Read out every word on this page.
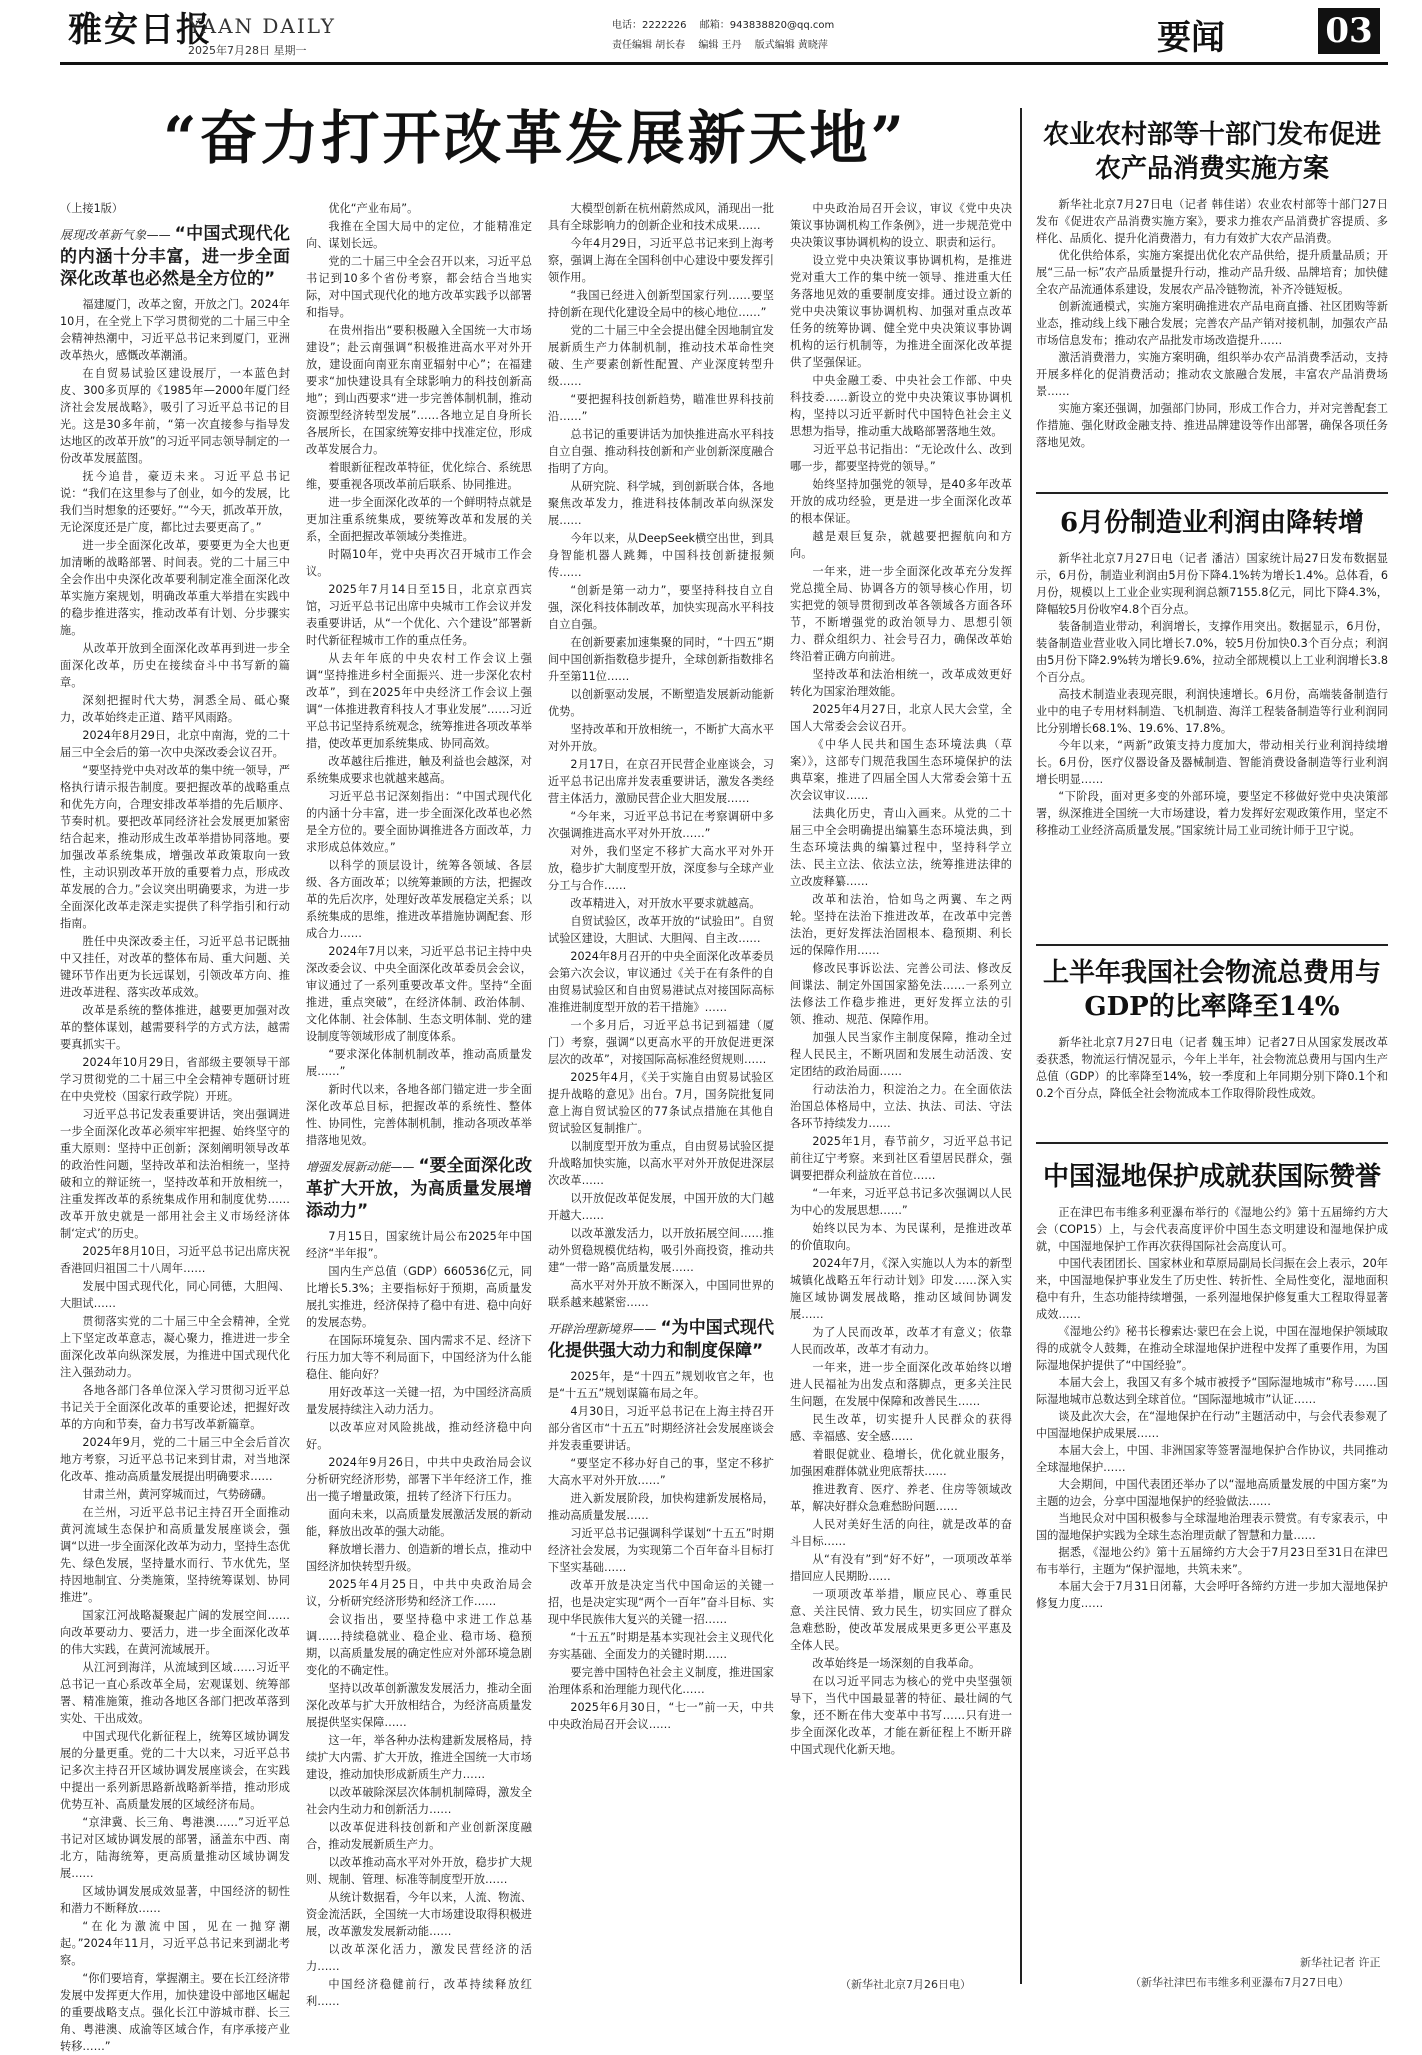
雅安日报
YAAN DAILY
2025年7月28日 星期一
电话：2222226 邮箱：943838820@qq.com
责任编辑 胡长春 编辑 王丹 版式编辑 黄晓萍	要闻	03
“奋力打开改革发展新天地”

（上接1版）

展现改革新气象—— “中国式现代化的内涵十分丰富，进一步全面深化改革也必然是全方位的”

福建厦门，改革之窗，开放之门。2024年10月，在全党上下学习贯彻党的二十届三中全会精神热潮中，习近平总书记来到厦门，亚洲改革热火，感慨改革潮涌。

在自贸易试验区建设展厅，一本蓝色封皮、300多页厚的《1985年—2000年厦门经济社会发展战略》，吸引了习近平总书记的目光。这是30多年前，“第一次直接参与指导发达地区的改革开放”的习近平同志领导制定的一份改革发展蓝图。

抚今追昔，豪迈未来。习近平总书记说：“我们在这里参与了创业，如今的发展，比我们当时想象的还要好。”“今天，抓改革开放，无论深度还是广度，都比过去要更高了。”

进一步全面深化改革，要要更为全大也更加清晰的战略部署、时间表。党的二十届三中全会作出中央深化改革要利制定准全面深化改革实施方案规划，明确改革重大举措在实践中的稳步推进落实，推动改革有计划、分步骤实施。

从改革开放到全面深化改革再到进一步全面深化改革，历史在接续奋斗中书写新的篇章。

深刻把握时代大势，洞悉全局、砥心聚力，改革始终走正道、踏平风雨路。

2024年8月29日，北京中南海，党的二十届三中全会后的第一次中央深改委会议召开。

“要坚持党中央对改革的集中统一领导，严格执行请示报告制度。要把握改革的战略重点和优先方向，合理安排改革举措的先后顺序、节奏时机。要把改革同经济社会发展更加紧密结合起来，推动形成生改革举措协同落地。要加强改革系统集成，增强改革政策取向一致性，主动识别改革开放的重要着力点，形成改革发展的合力。”会议突出明确要求，为进一步全面深化改革走深走实提供了科学指引和行动指南。

胜任中央深改委主任，习近平总书记既抽中又挂任，对改革的整体布局、重大问题、关键环节作出更为长远谋划，引领改革方向、推进改革进程、落实改革成效。

改革是系统的整体推进，越要更加强对改革的整体谋划，越需要科学的方式方法，越需要真抓实干。

2024年10月29日，省部级主要领导干部学习贯彻党的二十届三中全会精神专题研讨班在中央党校（国家行政学院）开班。

习近平总书记发表重要讲话，突出强调进一步全面深化改革必须牢牢把握、始终坚守的重大原则：坚持中正创新；深刻阐明领导改革的政治性问题，坚持改革和法治相统一，坚持破和立的辩证统一，坚持改革和开放相统一，注重发挥改革的系统集成作用和制度优势……改革开放史就是一部用社会主义市场经济体制‘定式’的历史。

2025年8月10日，习近平总书记出席庆祝香港回归祖国二十八周年……

发展中国式现代化，同心同德，大胆闯、大胆试……

贯彻落实党的二十届三中全会精神，全党上下坚定改革意志，凝心聚力，推进进一步全面深化改革向纵深发展，为推进中国式现代化注入强劲动力。

各地各部门各单位深入学习贯彻习近平总书记关于全面深化改革的重要论述，把握好改革的方向和节奏，奋力书写改革新篇章。

2024年9月，党的二十届三中全会后首次地方考察，习近平总书记来到甘肃，对当地深化改革、推动高质量发展提出明确要求……

甘肃兰州，黄河穿城而过，气势磅礴。

在兰州，习近平总书记主持召开全面推动黄河流域生态保护和高质量发展座谈会，强调“以进一步全面深化改革为动力，坚持生态优先、绿色发展，坚持量水而行、节水优先，坚持因地制宜、分类施策，坚持统筹谋划、协同推进”。

国家江河战略凝聚起广阔的发展空间……向改革要动力、要活力，进一步全面深化改革的伟大实践，在黄河流域展开。

从江河到海洋，从流域到区域……习近平总书记一直心系改革全局，宏观谋划、统筹部署、精准施策，推动各地区各部门把改革落到实处、干出成效。

中国式现代化新征程上，统筹区域协调发展的分量更重。党的二十大以来，习近平总书记多次主持召开区域协调发展座谈会，在实践中提出一系列新思路新战略新举措，推动形成优势互补、高质量发展的区域经济布局。

“京津冀、长三角、粤港澳……”习近平总书记对区域协调发展的部署，涵盖东中西、南北方，陆海统筹，更高质量推动区域协调发展……

区域协调发展成效显著，中国经济的韧性和潜力不断释放……

“在化为激流中国，见在一抛穿潮起。”2024年11月，习近平总书记来到湖北考察。

“你们要培育，掌握潮主。要在长江经济带发展中发挥更大作用，加快建设中部地区崛起的重要战略支点。强化长江中游城市群、长三角、粤港澳、成渝等区域合作，有序承接产业转移……”

优化“产业布局”。

我推在全国大局中的定位，才能精准定向、谋划长远。

党的二十届三中全会召开以来，习近平总书记到10多个省份考察，都会结合当地实际，对中国式现代化的地方改革实践予以部署和指导。

在贵州指出“要积极融入全国统一大市场建设”；赴云南强调“积极推进高水平对外开放，建设面向南亚东南亚辐射中心”；在福建要求“加快建设具有全球影响力的科技创新高地”；到山西要求“进一步完善体制机制，推动资源型经济转型发展”……各地立足自身所长各展所长，在国家统筹安排中找准定位，形成改革发展合力。

着眼新征程改革特征，优化综合、系统思维，要重视各项改革前后联系、协同推进。

进一步全面深化改革的一个鲜明特点就是更加注重系统集成，要统筹改革和发展的关系，全面把握改革领域分类推进。

时隔10年，党中央再次召开城市工作会议。

2025年7月14日至15日，北京京西宾馆，习近平总书记出席中央城市工作会议并发表重要讲话，从“一个优化、六个建设”部署新时代新征程城市工作的重点任务。

从去年年底的中央农村工作会议上强调“坚持推进乡村全面振兴、进一步深化农村改革”，到在2025年中央经济工作会议上强调“一体推进教育科技人才事业发展”……习近平总书记坚持系统观念，统筹推进各项改革举措，使改革更加系统集成、协同高效。

改革越往后推进，触及利益也会越深，对系统集成要求也就越来越高。

习近平总书记深刻指出：“中国式现代化的内涵十分丰富，进一步全面深化改革也必然是全方位的。要全面协调推进各方面改革，力求形成总体效应。”

以科学的顶层设计，统筹各领域、各层级、各方面改革；以统筹兼顾的方法，把握改革的先后次序，处理好改革发展稳定关系；以系统集成的思维，推进改革措施协调配套、形成合力……

2024年7月以来，习近平总书记主持中央深改委会议、中央全面深化改革委员会会议，审议通过了一系列重要改革文件。坚持“全面推进，重点突破”，在经济体制、政治体制、文化体制、社会体制、生态文明体制、党的建设制度等领域形成了制度体系。

“要求深化体制机制改革，推动高质量发展……”

新时代以来，各地各部门锚定进一步全面深化改革总目标，把握改革的系统性、整体性、协同性，完善体制机制，推动各项改革举措落地见效。

增强发展新动能—— “要全面深化改革扩大开放，为高质量发展增添动力”

7月15日，国家统计局公布2025年中国经济“半年报”。

国内生产总值（GDP）660536亿元，同比增长5.3%；主要指标好于预期，高质量发展扎实推进，经济保持了稳中有进、稳中向好的发展态势。

在国际环境复杂、国内需求不足、经济下行压力加大等不利局面下，中国经济为什么能稳住、能向好？

用好改革这一关键一招，为中国经济高质量发展持续注入动力活力。

以改革应对风险挑战，推动经济稳中向好。

2024年9月26日，中共中央政治局会议分析研究经济形势，部署下半年经济工作，推出一揽子增量政策，扭转了经济下行压力。

面向未来，以高质量发展激活发展的新动能，释放出改革的强大动能。

释放增长潜力、创造新的增长点，推动中国经济加快转型升级。

2025年4月25日，中共中央政治局会议，分析研究经济形势和经济工作……

会议指出，要坚持稳中求进工作总基调……持续稳就业、稳企业、稳市场、稳预期，以高质量发展的确定性应对外部环境急剧变化的不确定性。

坚持以改革创新激发发展活力，推动全面深化改革与扩大开放相结合，为经济高质量发展提供坚实保障……

这一年，举各种办法构建新发展格局，持续扩大内需、扩大开放，推进全国统一大市场建设，推动加快形成新质生产力……

以改革破除深层次体制机制障碍，激发全社会内生动力和创新活力……

以改革促进科技创新和产业创新深度融合，推动发展新质生产力。

以改革推动高水平对外开放，稳步扩大规则、规制、管理、标准等制度型开放……

从统计数据看，今年以来，人流、物流、资金流活跃，全国统一大市场建设取得积极进展，改革激发发展新动能……

以改革深化活力，激发民营经济的活力……

中国经济稳健前行，改革持续释放红利……

大模型创新在杭州蔚然成风，涌现出一批具有全球影响力的创新企业和技术成果……

今年4月29日，习近平总书记来到上海考察，强调上海在全国科创中心建设中要发挥引领作用。

“我国已经进入创新型国家行列……要坚持创新在现代化建设全局中的核心地位……”

党的二十届三中全会提出健全因地制宜发展新质生产力体制机制，推动技术革命性突破、生产要素创新性配置、产业深度转型升级……

“要把握科技创新趋势，瞄准世界科技前沿……”

总书记的重要讲话为加快推进高水平科技自立自强、推动科技创新和产业创新深度融合指明了方向。

从研究院、科学城，到创新联合体，各地聚焦改革发力，推进科技体制改革向纵深发展……

今年以来，从DeepSeek横空出世，到具身智能机器人跳舞，中国科技创新捷报频传……

“创新是第一动力”，要坚持科技自立自强，深化科技体制改革，加快实现高水平科技自立自强。

在创新要素加速集聚的同时，“十四五”期间中国创新指数稳步提升，全球创新指数排名升至第11位……

以创新驱动发展，不断塑造发展新动能新优势。

坚持改革和开放相统一，不断扩大高水平对外开放。

2月17日，在京召开民营企业座谈会，习近平总书记出席并发表重要讲话，激发各类经营主体活力，激励民营企业大胆发展……

“今年来，习近平总书记在考察调研中多次强调推进高水平对外开放……”

对外，我们坚定不移扩大高水平对外开放，稳步扩大制度型开放，深度参与全球产业分工与合作……

改革精进入，对开放水平要求就越高。

自贸试验区，改革开放的“试验田”。自贸试验区建设，大胆试、大胆闯、自主改……

2024年8月召开的中央全面深化改革委员会第六次会议，审议通过《关于在有条件的自由贸易试验区和自由贸易港试点对接国际高标准推进制度型开放的若干措施》……

一个多月后，习近平总书记到福建（厦门）考察，强调“以更高水平的开放促进更深层次的改革”，对接国际高标准经贸规则……

2025年4月，《关于实施自由贸易试验区提升战略的意见》出台。7月，国务院批复同意上海自贸试验区的77条试点措施在其他自贸试验区复制推广。

以制度型开放为重点，自由贸易试验区提升战略加快实施，以高水平对外开放促进深层次改革……

以开放促改革促发展，中国开放的大门越开越大……

以改革激发活力，以开放拓展空间……推动外贸稳规模优结构，吸引外商投资，推动共建“一带一路”高质量发展……

高水平对外开放不断深入，中国同世界的联系越来越紧密……

开辟治理新境界—— “为中国式现代化提供强大动力和制度保障”

2025年，是“十四五”规划收官之年，也是“十五五”规划谋篇布局之年。

4月30日，习近平总书记在上海主持召开部分省区市“十五五”时期经济社会发展座谈会并发表重要讲话。

“要坚定不移办好自己的事，坚定不移扩大高水平对外开放……”

进入新发展阶段，加快构建新发展格局，推动高质量发展……

习近平总书记强调科学谋划“十五五”时期经济社会发展，为实现第二个百年奋斗目标打下坚实基础……

改革开放是决定当代中国命运的关键一招，也是决定实现“两个一百年”奋斗目标、实现中华民族伟大复兴的关键一招……

“十五五”时期是基本实现社会主义现代化夯实基础、全面发力的关键时期……

要完善中国特色社会主义制度，推进国家治理体系和治理能力现代化……

2025年6月30日，“七一”前一天，中共中央政治局召开会议……

中央政治局召开会议，审议《党中央决策议事协调机构工作条例》，进一步规范党中央决策议事协调机构的设立、职责和运行。

设立党中央决策议事协调机构，是推进党对重大工作的集中统一领导、推进重大任务落地见效的重要制度安排。通过设立新的党中央决策议事协调机构、加强对重点改革任务的统筹协调、健全党中央决策议事协调机构的运行机制等，为推进全面深化改革提供了坚强保证。

中央金融工委、中央社会工作部、中央科技委……新设立的党中央决策议事协调机构，坚持以习近平新时代中国特色社会主义思想为指导，推动重大战略部署落地生效。

习近平总书记指出：“无论改什么、改到哪一步，都要坚持党的领导。”

始终坚持加强党的领导，是40多年改革开放的成功经验，更是进一步全面深化改革的根本保证。

越是艰巨复杂，就越要把握航向和方向。

一年来，进一步全面深化改革充分发挥党总揽全局、协调各方的领导核心作用，切实把党的领导贯彻到改革各领域各方面各环节，不断增强党的政治领导力、思想引领力、群众组织力、社会号召力，确保改革始终沿着正确方向前进。

坚持改革和法治相统一，改革成效更好转化为国家治理效能。

2025年4月27日，北京人民大会堂，全国人大常委会会议召开。

《中华人民共和国生态环境法典（草案）》，这部专门规范我国生态环境保护的法典草案，推进了四届全国人大常委会第十五次会议审议……

法典化历史，青山入画来。从党的二十届三中全会明确提出编纂生态环境法典，到生态环境法典的编纂过程中，坚持科学立法、民主立法、依法立法，统筹推进法律的立改废释纂……

改革和法治，恰如鸟之两翼、车之两轮。坚持在法治下推进改革，在改革中完善法治，更好发挥法治固根本、稳预期、利长远的保障作用……

修改民事诉讼法、完善公司法、修改反间谍法、制定外国国家豁免法……一系列立法修法工作稳步推进，更好发挥立法的引领、推动、规范、保障作用。

加强人民当家作主制度保障，推动全过程人民民主，不断巩固和发展生动活泼、安定团结的政治局面……

行动法治力，积淀治之力。在全面依法治国总体格局中，立法、执法、司法、守法各环节持续发力……

2025年1月，春节前夕，习近平总书记前往辽宁考察。来到社区看望居民群众，强调要把群众利益放在首位……

“一年来，习近平总书记多次强调以人民为中心的发展思想……”

始终以民为本、为民谋利，是推进改革的价值取向。

2024年7月，《深入实施以人为本的新型城镇化战略五年行动计划》印发……深入实施区域协调发展战略，推动区域间协调发展……

为了人民而改革，改革才有意义；依靠人民而改革，改革才有动力。

一年来，进一步全面深化改革始终以增进人民福祉为出发点和落脚点，更多关注民生问题，在发展中保障和改善民生……

民生改革，切实提升人民群众的获得感、幸福感、安全感……

着眼促就业、稳增长，优化就业服务，加强困难群体就业兜底帮扶……

推进教育、医疗、养老、住房等领域改革，解决好群众急难愁盼问题……

人民对美好生活的向往，就是改革的奋斗目标……

从“有没有”到“好不好”，一项项改革举措回应人民期盼……

一项项改革举措，顺应民心、尊重民意、关注民情、致力民生，切实回应了群众急难愁盼，使改革发展成果更多更公平惠及全体人民。

改革始终是一场深刻的自我革命。

在以习近平同志为核心的党中央坚强领导下，当代中国最显著的特征、最壮阔的气象，还不断在伟大变革中书写……只有进一步全面深化改革，才能在新征程上不断开辟中国式现代化新天地。

（新华社北京7月26日电）
农业农村部等十部门发布促进农产品消费实施方案

新华社北京7月27日电（记者 韩佳诺）农业农村部等十部门27日发布《促进农产品消费实施方案》，要求力推农产品消费扩容提质、多样化、品质化、提升化消费潜力，有力有效扩大农产品消费。

优化供给体系，实施方案提出优化农产品供给，提升质量品质；开展“三品一标”农产品质量提升行动，推动产品升级、品牌培育；加快健全农产品流通体系建设，发展农产品冷链物流，补齐冷链短板。

创新流通模式，实施方案明确推进农产品电商直播、社区团购等新业态，推动线上线下融合发展；完善农产品产销对接机制，加强农产品市场信息发布；推动农产品批发市场改造提升……

激活消费潜力，实施方案明确，组织举办农产品消费季活动，支持开展多样化的促消费活动；推动农文旅融合发展，丰富农产品消费场景……

实施方案还强调，加强部门协同，形成工作合力，并对完善配套工作措施、强化财政金融支持、推进品牌建设等作出部署，确保各项任务落地见效。

6月份制造业利润由降转增

新华社北京7月27日电（记者 潘洁）国家统计局27日发布数据显示，6月份，制造业利润由5月份下降4.1%转为增长1.4%。总体看，6月份，规模以上工业企业实现利润总额7155.8亿元，同比下降4.3%，降幅较5月份收窄4.8个百分点。

装备制造业带动，利润增长，支撑作用突出。数据显示，6月份，装备制造业营业收入同比增长7.0%，较5月份加快0.3个百分点；利润由5月份下降2.9%转为增长9.6%，拉动全部规模以上工业利润增长3.8个百分点。

高技术制造业表现亮眼，利润快速增长。6月份，高端装备制造行业中的电子专用材料制造、飞机制造、海洋工程装备制造等行业利润同比分别增长68.1%、19.6%、17.8%。

今年以来，“两新”政策支持力度加大，带动相关行业利润持续增长。6月份，医疗仪器设备及器械制造、智能消费设备制造等行业利润增长明显……

“下阶段，面对更多变的外部环境，要坚定不移做好党中央决策部署，纵深推进全国统一大市场建设，着力发挥好宏观政策作用，坚定不移推动工业经济高质量发展。”国家统计局工业司统计师于卫宁说。

上半年我国社会物流总费用与GDP的比率降至14%

新华社北京7月27日电（记者 魏玉坤）记者27日从国家发展改革委获悉，物流运行情况显示，今年上半年，社会物流总费用与国内生产总值（GDP）的比率降至14%，较一季度和上年同期分别下降0.1个和0.2个百分点，降低全社会物流成本工作取得阶段性成效。

中国湿地保护成就获国际赞誉

正在津巴布韦维多利亚瀑布举行的《湿地公约》第十五届缔约方大会（COP15）上，与会代表高度评价中国生态文明建设和湿地保护成就，中国湿地保护工作再次获得国际社会高度认可。

中国代表团团长、国家林业和草原局副局长闫振在会上表示，20年来，中国湿地保护事业发生了历史性、转折性、全局性变化，湿地面积稳中有升，生态功能持续增强，一系列湿地保护修复重大工程取得显著成效……

《湿地公约》秘书长穆索达·蒙巴在会上说，中国在湿地保护领域取得的成就令人鼓舞，在推动全球湿地保护进程中发挥了重要作用，为国际湿地保护提供了“中国经验”。

本届大会上，我国又有多个城市被授予“国际湿地城市”称号……国际湿地城市总数达到全球首位。“国际湿地城市”认证……

谈及此次大会，在“湿地保护在行动”主题活动中，与会代表参观了中国湿地保护成果展……

本届大会上，中国、非洲国家等签署湿地保护合作协议，共同推动全球湿地保护……

大会期间，中国代表团还举办了以“湿地高质量发展的中国方案”为主题的边会，分享中国湿地保护的经验做法……

当地民众对中国积极参与全球湿地治理表示赞赏。有专家表示，中国的湿地保护实践为全球生态治理贡献了智慧和力量……

据悉，《湿地公约》第十五届缔约方大会于7月23日至31日在津巴布韦举行，主题为“保护湿地，共筑未来”。

本届大会于7月31日闭幕，大会呼吁各缔约方进一步加大湿地保护修复力度……

新华社记者 许正
（新华社津巴布韦维多利亚瀑布7月27日电）
